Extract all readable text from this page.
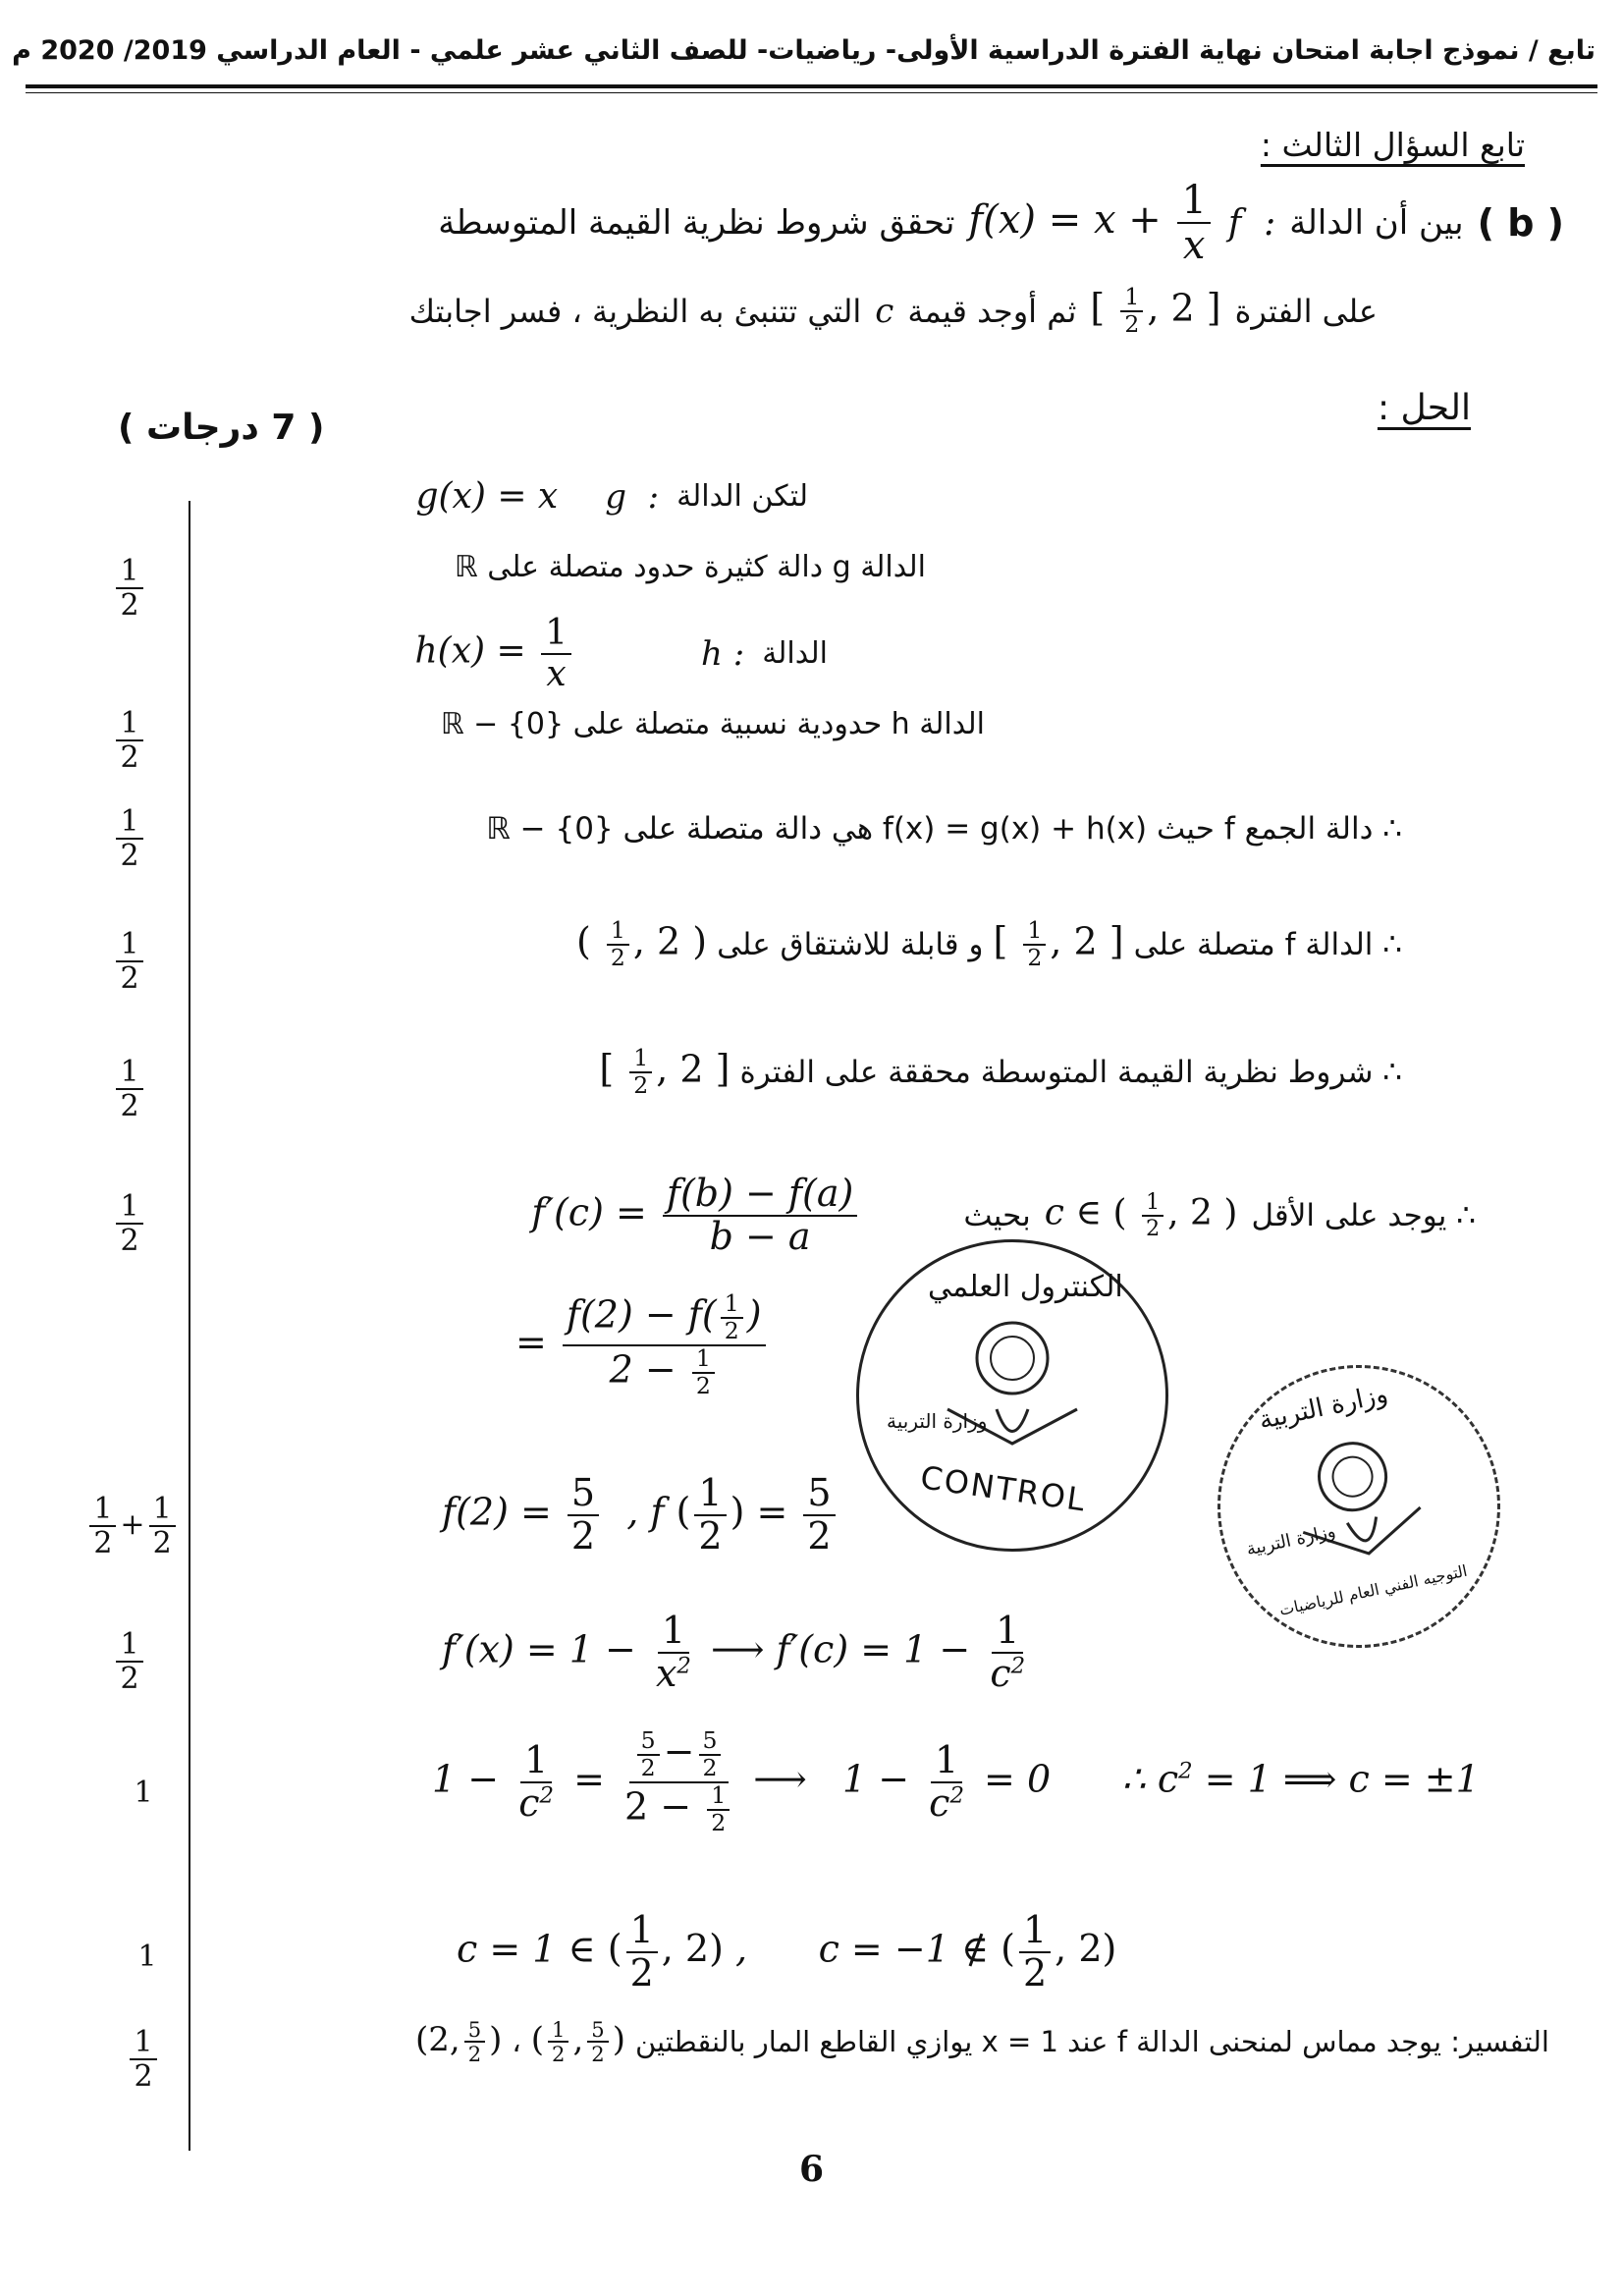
تابع / نموذج اجابة امتحان نهاية الفترة الدراسية الأولى- رياضيات- للصف الثاني عشر علمي - العام الدراسي 2019/ 2020 م
تابع السؤال الثالث :
( b )
بين أن الدالة
f  :
$f(x) = x + \frac{1}{x}$
تحقق شروط نظرية القيمة المتوسطة
على الفترة
[ $\frac{1}{2}$ , 2 ]
ثم أوجد قيمة
c
التي تتنبئ به النظرية ، فسر اجابتك
الحل :
( 7 درجات )
$\frac{1}{2}$
$\frac{1}{2}$
$\frac{1}{2}$
$\frac{1}{2}$
$\frac{1}{2}$
$\frac{1}{2}$
$\frac{1}{2} + \frac{1}{2}$
$\frac{1}{2}$
1
1
$\frac{1}{2}$
لتكن الدالة
g  :
g(x) = x
الدالة g دالة كثيرة حدود متصلة على ℝ
الدالة
h :
$h(x) = \frac{1}{x}$
الدالة h حدودية نسبية متصلة على ℝ − {0}
∴ دالة الجمع f حيث f(x) = g(x) + h(x) هي دالة متصلة على ℝ − {0}
∴ الدالة f متصلة على
[ $\frac{1}{2}$ , 2 ]
و قابلة للاشتقاق على
( $\frac{1}{2}$ , 2 )
∴ شروط نظرية القيمة المتوسطة محققة على الفترة
[ $\frac{1}{2}$ , 2 ]
∴ يوجد على الأقل
c ∈ ( $\frac{1}{2}$ , 2 )
بحيث
$f'(c) = \frac{f(b) - f(a)}{b - a}$
= $\frac{f(2) - f( \frac{1}{2} )}{2 - \frac{1}{2}}$
$f(2) = \frac{5}{2}$ , f ( $\frac{1}{2}$ ) = $\frac{5}{2}$
$f'(x) = 1 - \frac{1}{x^2}$ ⟶ $f'(c) = 1 - \frac{1}{c^2}$
$1 - \frac{1}{c^2} = \frac{\frac{5}{2} - \frac{5}{2}}{2 - \frac{1}{2}}$ ⟶   $1 - \frac{1}{c^2} = 0$      ∴ $c^2 = 1$ ⟹ c = ±1
c = 1 ∈ ( $\frac{1}{2}$ , 2) ,      c = −1 ∉ ( $\frac{1}{2}$ , 2)
التفسير: يوجد مماس لمنحنى الدالة f عند x = 1 يوازي القاطع المار بالنقطتين
( $\frac{1}{2}$ , $\frac{5}{2}$ )
،
(2, $\frac{5}{2}$ )
الكنترول العلمي
وزارة التربية
CONTROL
وزارة التربية
وزارة التربية
التوجيه الفني العام للرياضيات
6
